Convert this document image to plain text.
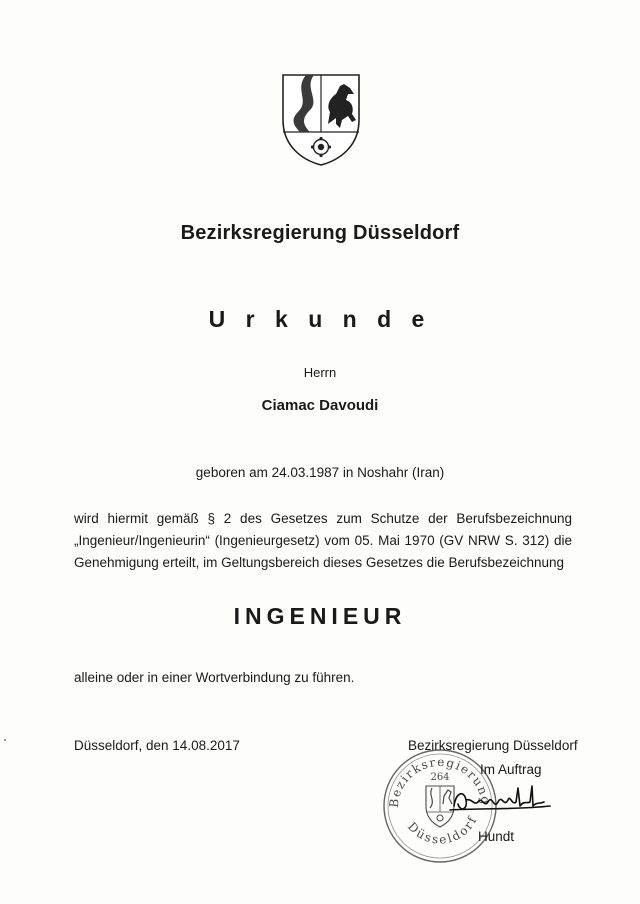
Bezirksregierung Düsseldorf
U r k u n d e
Herrn
Ciamac Davoudi
geboren am 24.03.1987 in Noshahr (Iran)
wird hiermit gemäß § 2 des Gesetzes zum Schutze der Berufsbezeichnung
„Ingenieur/Ingenieurin“ (Ingenieurgesetz) vom 05. Mai 1970 (GV NRW S. 312) die
Genehmigung erteilt, im Geltungsbereich dieses Gesetzes die Berufsbezeichnung
INGENIEUR
alleine oder in einer Wortverbindung zu führen.
Düsseldorf, den 14.08.2017	Bezirksregierung Düsseldorf
Bezirksregierung
Düsseldorf
264
Im Auftrag
Hundt
